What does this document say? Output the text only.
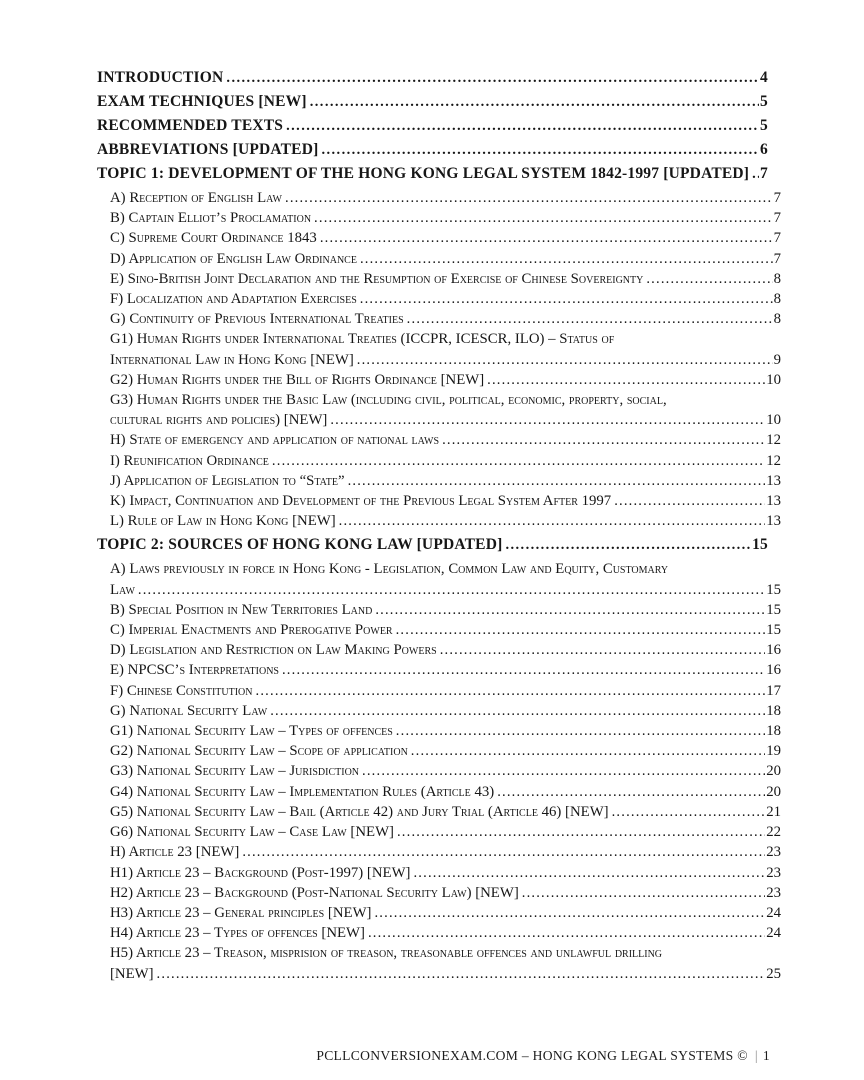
INTRODUCTION .....	4
EXAM TECHNIQUES [NEW] .....	5
RECOMMENDED TEXTS .....	5
ABBREVIATIONS [UPDATED] .....	6
TOPIC 1: DEVELOPMENT OF THE HONG KONG LEGAL SYSTEM 1842-1997 [UPDATED] ..... 7
A) Reception of English Law .....	7
B) Captain Elliot’s Proclamation .....	7
C) Supreme Court Ordinance 1843 .....	7
D) Application of English Law Ordinance .....	7
E) Sino-British Joint Declaration and the Resumption of Exercise of Chinese Sovereignty .....	8
F) Localization and Adaptation Exercises .....	8
G) Continuity of Previous International Treaties .....	8
G1) Human Rights under International Treaties (ICCPR, ICESCR, ILO) – Status of
International Law in Hong Kong [NEW] .....	9
G2) Human Rights under the Bill of Rights Ordinance [NEW] .....	10
G3) Human Rights under the Basic Law (including civil, political, economic, property, social,
cultural rights and policies) [NEW] .....	10
H) State of emergency and application of national laws .....	12
I) Reunification Ordinance .....	12
J) Application of Legislation to “State” .....	13
K) Impact, Continuation and Development of the Previous Legal System After 1997 .....	13
L) Rule of Law in Hong Kong [NEW] .....	13
TOPIC 2: SOURCES OF HONG KONG LAW [UPDATED] .....	15
A) Laws previously in force in Hong Kong - Legislation, Common Law and Equity, Customary
Law .....	15
B) Special Position in New Territories Land .....	15
C) Imperial Enactments and Prerogative Power .....	15
D) Legislation and Restriction on Law Making Powers .....	16
E) NPCSC’s Interpretations .....	16
F) Chinese Constitution .....	17
G) National Security Law .....	18
G1) National Security Law – Types of offences .....	18
G2) National Security Law – Scope of application .....	19
G3) National Security Law – Jurisdiction .....	20
G4) National Security Law – Implementation Rules (Article 43) .....	20
G5) National Security Law – Bail (Article 42) and Jury Trial (Article 46) [NEW] .....	21
G6) National Security Law – Case Law [NEW] .....	22
H) Article 23 [NEW] .....	23
H1) Article 23 – Background (Post-1997) [NEW] .....	23
H2) Article 23 – Background (Post-National Security Law) [NEW] .....	23
H3) Article 23 – General principles [NEW] .....	24
H4) Article 23 – Types of offences [NEW] .....	24
H5) Article 23 – Treason, misprision of treason, treasonable offences and unlawful drilling
[NEW] .....	25
PCLLCONVERSIONEXAM.COM – HONG KONG LEGAL SYSTEMS © | 1
